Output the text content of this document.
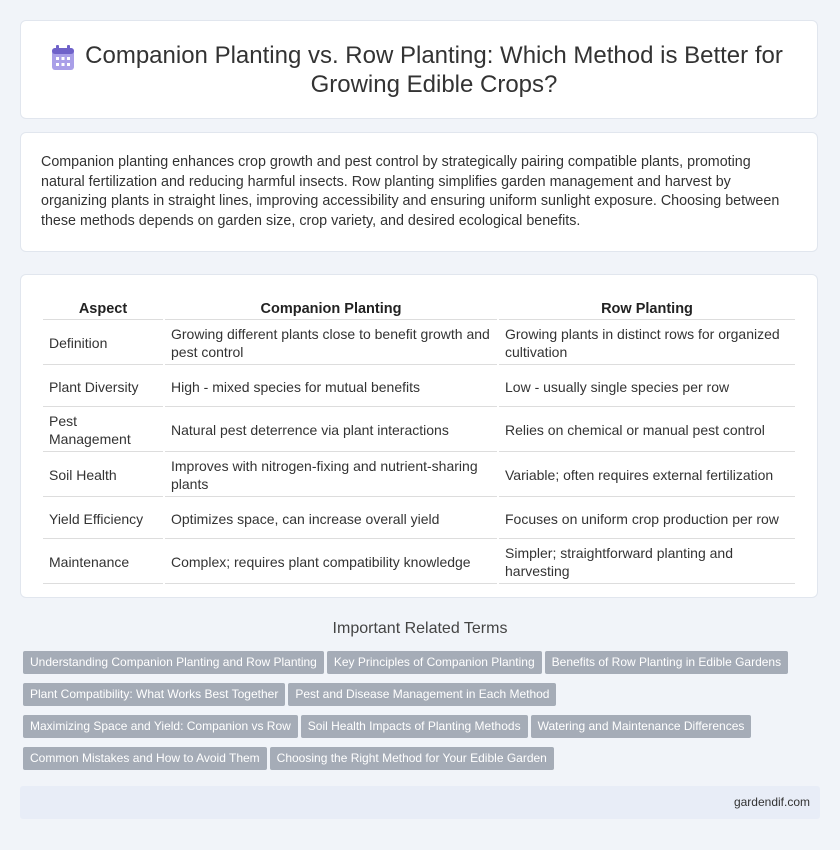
Companion Planting vs. Row Planting: Which Method is Better for Growing Edible Crops?

Companion planting enhances crop growth and pest control by strategically pairing compatible plants, promoting natural fertilization and reducing harmful insects. Row planting simplifies garden management and harvest by organizing plants in straight lines, improving accessibility and ensuring uniform sunlight exposure. Choosing between these methods depends on garden size, crop variety, and desired ecological benefits.

Aspect	Companion Planting	Row Planting
Definition	Growing different plants close to benefit growth and pest control	Growing plants in distinct rows for organized cultivation
Plant Diversity	High - mixed species for mutual benefits	Low - usually single species per row
Pest Management	Natural pest deterrence via plant interactions	Relies on chemical or manual pest control
Soil Health	Improves with nitrogen-fixing and nutrient-sharing plants	Variable; often requires external fertilization
Yield Efficiency	Optimizes space, can increase overall yield	Focuses on uniform crop production per row
Maintenance	Complex; requires plant compatibility knowledge	Simpler; straightforward planting and harvesting
Important Related Terms
Understanding Companion Planting and Row Planting Key Principles of Companion Planting Benefits of Row Planting in Edible GardensPlant Compatibility: What Works Best Together Pest and Disease Management in Each MethodMaximizing Space and Yield: Companion vs Row Soil Health Impacts of Planting Methods Watering and Maintenance DifferencesCommon Mistakes and How to Avoid Them Choosing the Right Method for Your Edible Garden
gardendif.com
